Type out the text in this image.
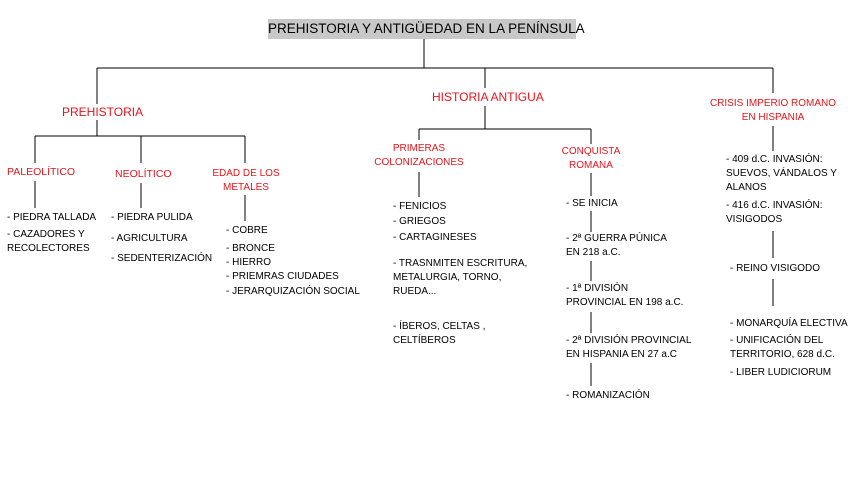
PREHISTORIA Y ANTIGÜEDAD EN LA PENÍNSULA
PREHISTORIA
PALEOLÍTICO
- PIEDRA TALLADA
- CAZADORES Y
RECOLECTORES
NEOLÍTICO
- PIEDRA PULIDA
- AGRICULTURA
- SEDENTERIZACIÓN
EDAD DE LOS
METALES
- COBRE
- BRONCE
- HIERRO
- PRIEMRAS CIUDADES
- JERARQUIZACIÓN SOCIAL
HISTORIA ANTIGUA
PRIMERAS
COLONIZACIONES
- FENICIOS
- GRIEGOS
- CARTAGINESES
- TRASNMITEN ESCRITURA,
METALURGIA, TORNO,
RUEDA...
- ÍBEROS, CELTAS ,
CELTÍBEROS
CONQUISTA
ROMANA
- SE INICIA
- 2ª GUERRA PÚNICA
EN 218 a.C.
- 1ª DIVISIÓN
PROVINCIAL EN 198 a.C.
- 2ª DIVISIÓN PROVINCIAL
EN HISPANIA EN 27 a.C
- ROMANIZACIÓN
CRISIS IMPERIO ROMANO
EN HISPANIA
- 409 d.C. INVASIÓN:
SUEVOS, VÁNDALOS Y
ALANOS
- 416 d.C. INVASIÓN:
VISIGODOS
- REINO VISIGODO
- MONARQUÍA ELECTIVA
- UNIFICACIÓN DEL
TERRITORIO, 628 d.C.
- LIBER LUDICIORUM
